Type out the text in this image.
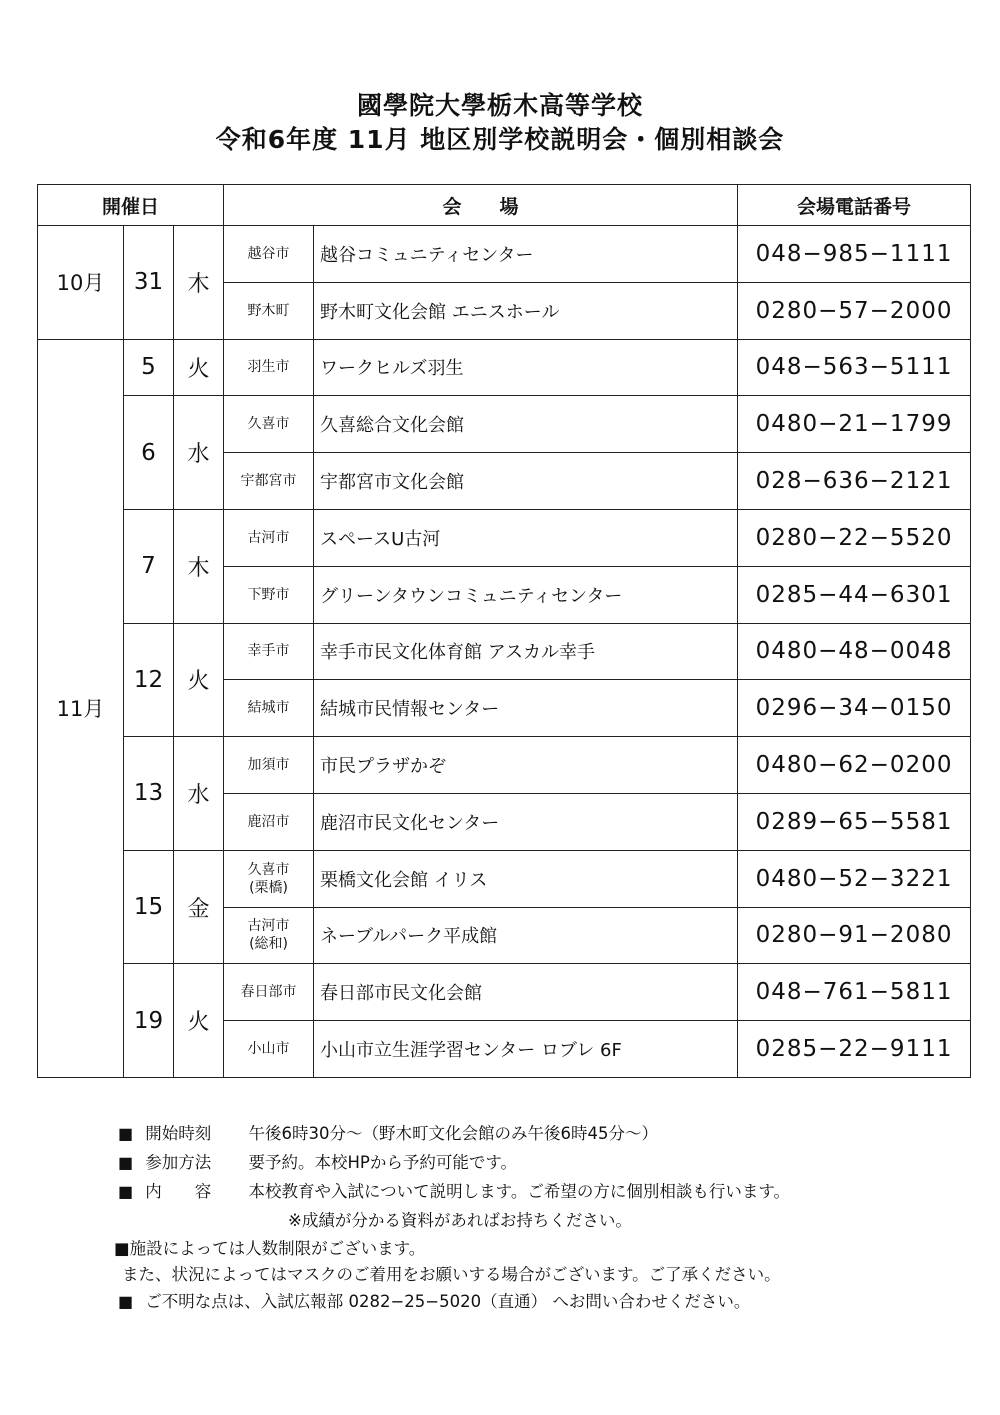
國學院大學栃木高等学校
令和6年度 11月 地区別学校説明会・個別相談会
開催日			会　　場		会場電話番号
10月	31	木	越谷市	越谷コミュニティセンター	048−985−1111

			野木町	野木町文化会館 エニスホール	0280−57−2000
11月	5	火	羽生市	ワークヒルズ羽生	048−563−5111
	6	水	久喜市	久喜総合文化会館	0480−21−1799

			宇都宮市	宇都宮市文化会館	028−636−2121
	7	木	古河市	スペースU古河	0280−22−5520

			下野市	グリーンタウンコミュニティセンター	0285−44−6301
	12	火	幸手市	幸手市民文化体育館 アスカル幸手	0480−48−0048

			結城市	結城市民情報センター	0296−34−0150
	13	水	加須市	市民プラザかぞ	0480−62−0200

			鹿沼市	鹿沼市民文化センター	0289−65−5581
	15	金	久喜市
(栗橋)	栗橋文化会館 イリス	0480−52−3221

			古河市
(総和)	ネーブルパーク平成館	0280−91−2080
	19	火	春日部市	春日部市民文化会館	048−761−5811

			小山市	小山市立生涯学習センター ロブレ 6F	0285−22−9111
■ 開始時刻 午後6時30分～（野木町文化会館のみ午後6時45分～）
■ 参加方法 要予約。本校HPから予約可能です。
■ 内　　容 本校教育や入試について説明します。ご希望の方に個別相談も行います。
※成績が分かる資料があればお持ちください。
■施設によっては人数制限がございます。
また、状況によってはマスクのご着用をお願いする場合がございます。ご了承ください。
■ ご不明な点は、入試広報部 0282−25−5020（直通） へお問い合わせください。
